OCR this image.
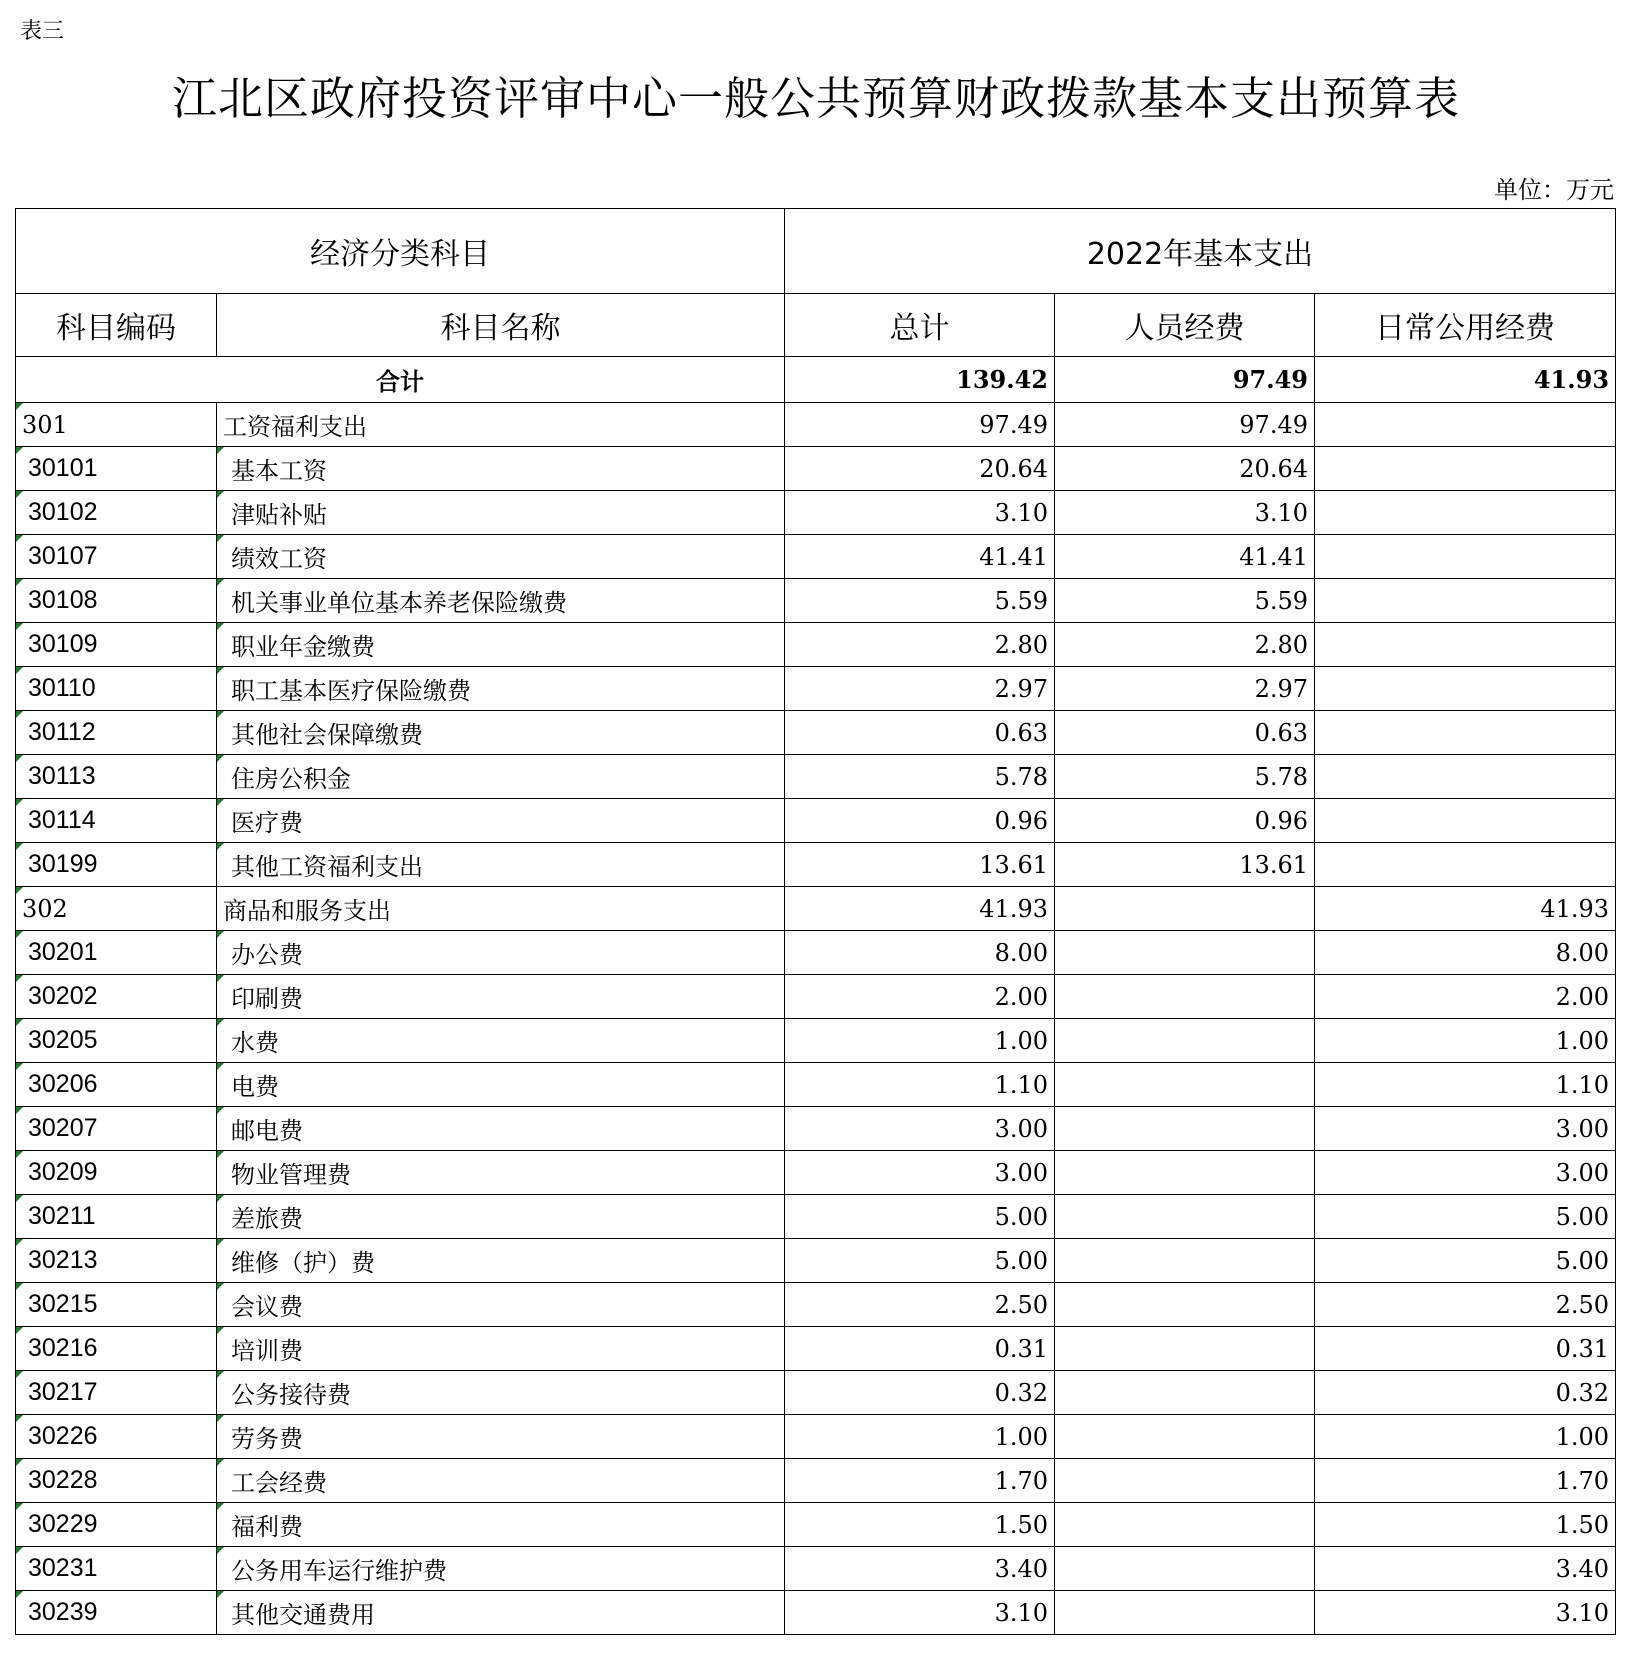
表三
江北区政府投资评审中心一般公共预算财政拨款基本支出预算表
单位：万元
经济分类科目		2022年基本支出		
科目编码	科目名称	总计	人员经费	日常公用经费
合计		139.42	97.49	41.93
301	工资福利支出	97.49	97.49	
30101	基本工资	20.64	20.64	
30102	津贴补贴	3.10	3.10	
30107	绩效工资	41.41	41.41	
30108	机关事业单位基本养老保险缴费	5.59	5.59	
30109	职业年金缴费	2.80	2.80	
30110	职工基本医疗保险缴费	2.97	2.97	
30112	其他社会保障缴费	0.63	0.63	
30113	住房公积金	5.78	5.78	
30114	医疗费	0.96	0.96	
30199	其他工资福利支出	13.61	13.61	
302	商品和服务支出	41.93		41.93
30201	办公费	8.00		8.00
30202	印刷费	2.00		2.00
30205	水费	1.00		1.00
30206	电费	1.10		1.10
30207	邮电费	3.00		3.00
30209	物业管理费	3.00		3.00
30211	差旅费	5.00		5.00
30213	维修（护）费	5.00		5.00
30215	会议费	2.50		2.50
30216	培训费	0.31		0.31
30217	公务接待费	0.32		0.32
30226	劳务费	1.00		1.00
30228	工会经费	1.70		1.70
30229	福利费	1.50		1.50
30231	公务用车运行维护费	3.40		3.40
30239	其他交通费用	3.10		3.10
